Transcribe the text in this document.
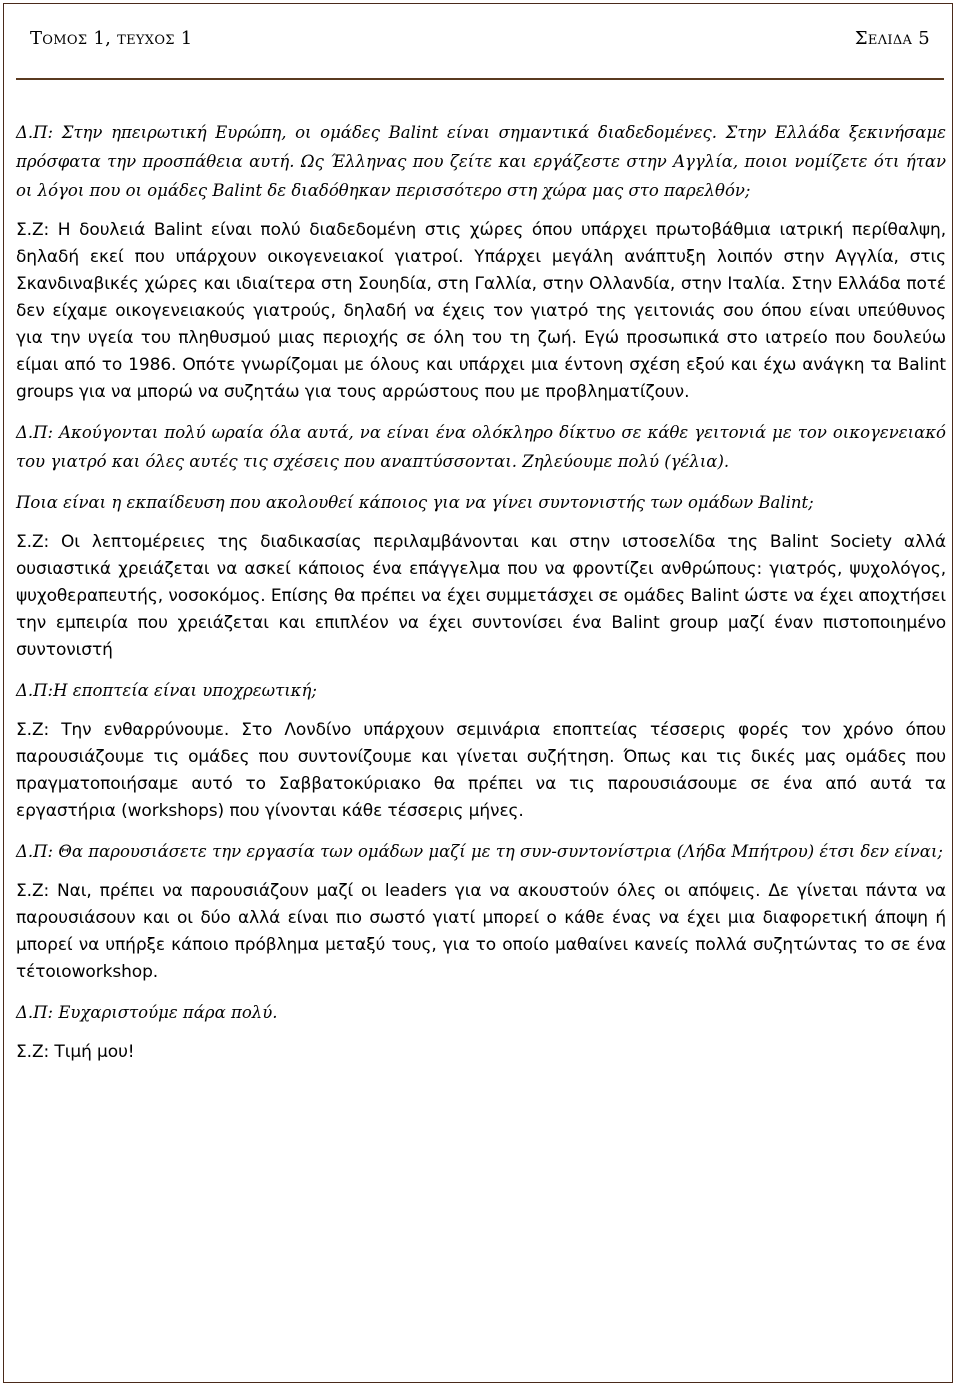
Τομος 1, τευχος 1	Σελιδα 5

Δ.Π: Στην ηπειρωτική Ευρώπη, οι ομάδες Balint είναι σημαντικά διαδεδομένες. Στην Ελλάδα ξεκινήσαμε πρόσφατα την προσπάθεια αυτή. Ως Έλληνας που ζείτε και εργάζεστε στην Αγγλία, ποιοι νομίζετε ότι ήταν οι λόγοι που οι ομάδες Balint δε διαδόθηκαν περισσότερο στη χώρα μας στο παρελθόν;

Σ.Ζ: Η δουλειά Balint είναι πολύ διαδεδομένη στις χώρες όπου υπάρχει πρωτοβάθμια ιατρική περίθαλψη, δηλαδή εκεί που υπάρχουν οικογενειακοί γιατροί. Υπάρχει μεγάλη ανάπτυξη λοιπόν στην Αγγλία, στις Σκανδιναβικές χώρες και ιδιαίτερα στη Σουηδία, στη Γαλλία, στην Ολλανδία, στην Ιταλία. Στην Ελλάδα ποτέ δεν είχαμε οικογενειακούς γιατρούς, δηλαδή να έχεις τον γιατρό της γειτονιάς σου όπου είναι υπεύθυνος για την υγεία του πληθυσμού μιας περιοχής σε όλη του τη ζωή. Εγώ προσωπικά στο ιατρείο που δουλεύω είμαι από το 1986. Οπότε γνωρίζομαι με όλους και υπάρχει μια έντονη σχέση εξού και έχω ανάγκη τα Balint groups για να μπορώ να συζητάω για τους αρρώστους που με προβληματίζουν.

Δ.Π: Ακούγονται πολύ ωραία όλα αυτά, να είναι ένα ολόκληρο δίκτυο σε κάθε γειτονιά με τον οικογενειακό του γιατρό και όλες αυτές τις σχέσεις που αναπτύσσονται. Ζηλεύουμε πολύ (γέλια).

Ποια είναι η εκπαίδευση που ακολουθεί κάποιος για να γίνει συντονιστής των ομάδων Balint;

Σ.Ζ: Οι λεπτομέρειες της διαδικασίας περιλαμβάνονται και στην ιστοσελίδα της Balint Society αλλά ουσιαστικά χρειάζεται να ασκεί κάποιος ένα επάγγελμα που να φροντίζει ανθρώπους: γιατρός, ψυχολόγος, ψυχοθεραπευτής, νοσοκόμος. Επίσης θα πρέπει να έχει συμμετάσχει σε ομάδες Balint ώστε να έχει αποχτήσει την εμπειρία που χρειάζεται και επιπλέον να έχει συντονίσει ένα Balint group μαζί έναν πιστοποιημένο συντονιστή

Δ.Π:Η εποπτεία είναι υποχρεωτική;

Σ.Ζ: Την ενθαρρύνουμε. Στο Λονδίνο υπάρχουν σεμινάρια εποπτείας τέσσερις φορές τον χρόνο όπου παρουσιάζουμε τις ομάδες που συντονίζουμε και γίνεται συζήτηση. Όπως και τις δικές μας ομάδες που πραγματοποιήσαμε αυτό το Σαββατοκύριακο θα πρέπει να τις παρουσιάσουμε σε ένα από αυτά τα εργαστήρια (workshops) που γίνονται κάθε τέσσερις μήνες.

Δ.Π: Θα παρουσιάσετε την εργασία των ομάδων μαζί με τη συν-συντονίστρια (Λήδα Μπήτρου) έτσι δεν είναι;

Σ.Ζ: Ναι, πρέπει να παρουσιάζουν μαζί οι leaders για να ακουστούν όλες οι απόψεις. Δε γίνεται πάντα να παρουσιάσουν και οι δύο αλλά είναι πιο σωστό γιατί μπορεί ο κάθε ένας να έχει μια διαφορετική άποψη ή μπορεί να υπήρξε κάποιο πρόβλημα μεταξύ τους, για το οποίο μαθαίνει κανείς πολλά συζητώντας το σε ένα τέτοιοworkshop.

Δ.Π: Ευχαριστούμε πάρα πολύ.

Σ.Ζ: Τιμή μου!
